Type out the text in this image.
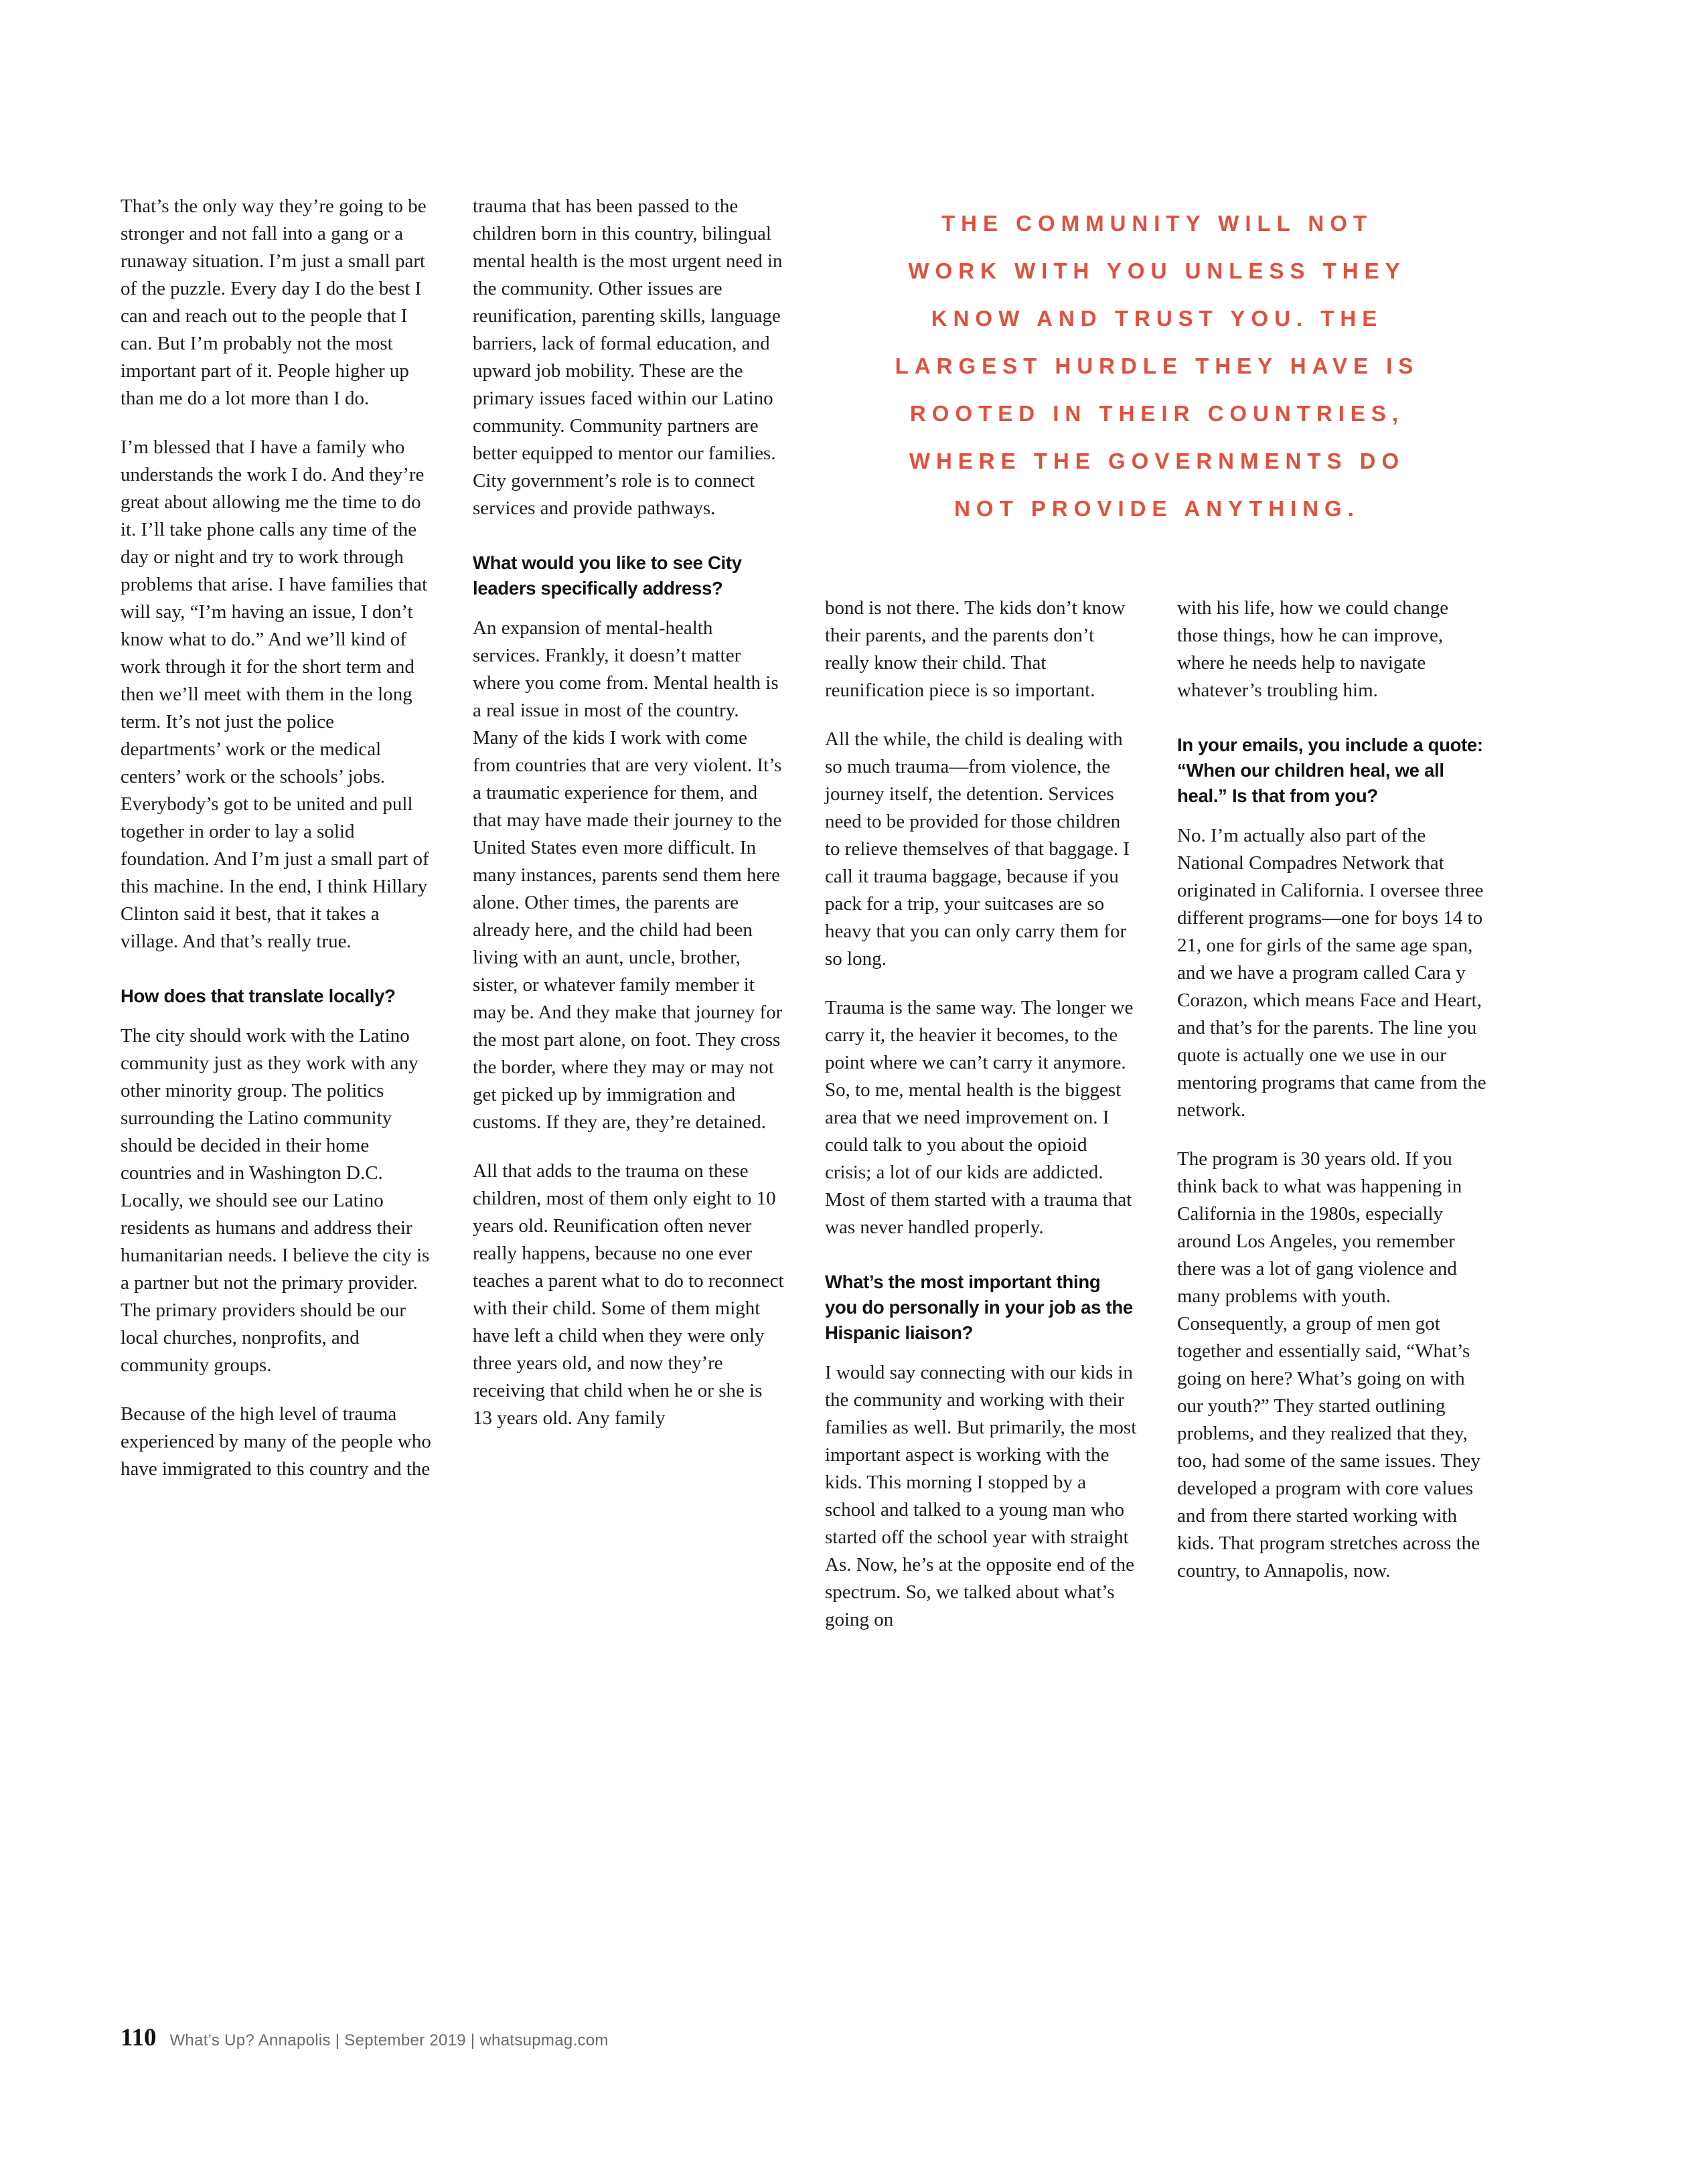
That’s the only way they’re going to be stronger and not fall into a gang or a runaway situation. I’m just a small part of the puzzle. Every day I do the best I can and reach out to the people that I can. But I’m probably not the most important part of it. People higher up than me do a lot more than I do.

I’m blessed that I have a family who understands the work I do. And they’re great about allowing me the time to do it. I’ll take phone calls any time of the day or night and try to work through problems that arise. I have families that will say, “I’m having an issue, I don’t know what to do.” And we’ll kind of work through it for the short term and then we’ll meet with them in the long term. It’s not just the police departments’ work or the medical centers’ work or the schools’ jobs. Everybody’s got to be united and pull together in order to lay a solid foundation. And I’m just a small part of this machine. In the end, I think Hillary Clinton said it best, that it takes a village. And that’s really true.

How does that translate locally?

The city should work with the Latino community just as they work with any other minority group. The politics surrounding the Latino community should be decided in their home countries and in Washington D.C. Locally, we should see our Latino residents as humans and address their humanitarian needs. I believe the city is a partner but not the primary provider. The primary providers should be our local churches, nonprofits, and community groups.

Because of the high level of trauma experienced by many of the people who have immigrated to this country and the

trauma that has been passed to the children born in this country, bilingual mental health is the most urgent need in the community. Other issues are reunification, parenting skills, language barriers, lack of formal education, and upward job mobility. These are the primary issues faced within our Latino community. Community partners are better equipped to mentor our families. City government’s role is to connect services and provide pathways.

What would you like to see City leaders specifically address?

An expansion of mental-health services. Frankly, it doesn’t matter where you come from. Mental health is a real issue in most of the country. Many of the kids I work with come from countries that are very violent. It’s a traumatic experience for them, and that may have made their journey to the United States even more difficult. In many instances, parents send them here alone. Other times, the parents are already here, and the child had been living with an aunt, uncle, brother, sister, or whatever family member it may be. And they make that journey for the most part alone, on foot. They cross the border, where they may or may not get picked up by immigration and customs. If they are, they’re detained.

All that adds to the trauma on these children, most of them only eight to 10 years old. Reunification often never really happens, because no one ever teaches a parent what to do to reconnect with their child. Some of them might have left a child when they were only three years old, and now they’re receiving that child when he or she is 13 years old. Any family

THE COMMUNITY WILL NOT
WORK WITH YOU UNLESS THEY
KNOW AND TRUST YOU. THE
LARGEST HURDLE THEY HAVE IS
ROOTED IN THEIR COUNTRIES,
WHERE THE GOVERNMENTS DO
NOT PROVIDE ANYTHING.

bond is not there. The kids don’t know their parents, and the parents don’t really know their child. That reunification piece is so important.

All the while, the child is dealing with so much trauma—from violence, the journey itself, the detention. Services need to be provided for those children to relieve themselves of that baggage. I call it trauma baggage, because if you pack for a trip, your suitcases are so heavy that you can only carry them for so long.

Trauma is the same way. The longer we carry it, the heavier it becomes, to the point where we can’t carry it anymore. So, to me, mental health is the biggest area that we need improvement on. I could talk to you about the opioid crisis; a lot of our kids are addicted. Most of them started with a trauma that was never handled properly.

What’s the most important thing you do personally in your job as the Hispanic liaison?

I would say connecting with our kids in the community and working with their families as well. But primarily, the most important aspect is working with the kids. This morning I stopped by a school and talked to a young man who started off the school year with straight As. Now, he’s at the opposite end of the spectrum. So, we talked about what’s going on

with his life, how we could change those things, how he can improve, where he needs help to navigate whatever’s troubling him.

In your emails, you include a quote: “When our children heal, we all heal.” Is that from you?

No. I’m actually also part of the National Compadres Network that originated in California. I oversee three different programs—one for boys 14 to 21, one for girls of the same age span, and we have a program called Cara y Corazon, which means Face and Heart, and that’s for the parents. The line you quote is actually one we use in our mentoring programs that came from the network.

The program is 30 years old. If you think back to what was happening in California in the 1980s, especially around Los Angeles, you remember there was a lot of gang violence and many problems with youth. Consequently, a group of men got together and essentially said, “What’s going on here? What’s going on with our youth?” They started outlining problems, and they realized that they, too, had some of the same issues. They developed a program with core values and from there started working with kids. That program stretches across the country, to Annapolis, now.

110 What’s Up? Annapolis | September 2019 | whatsupmag.com
